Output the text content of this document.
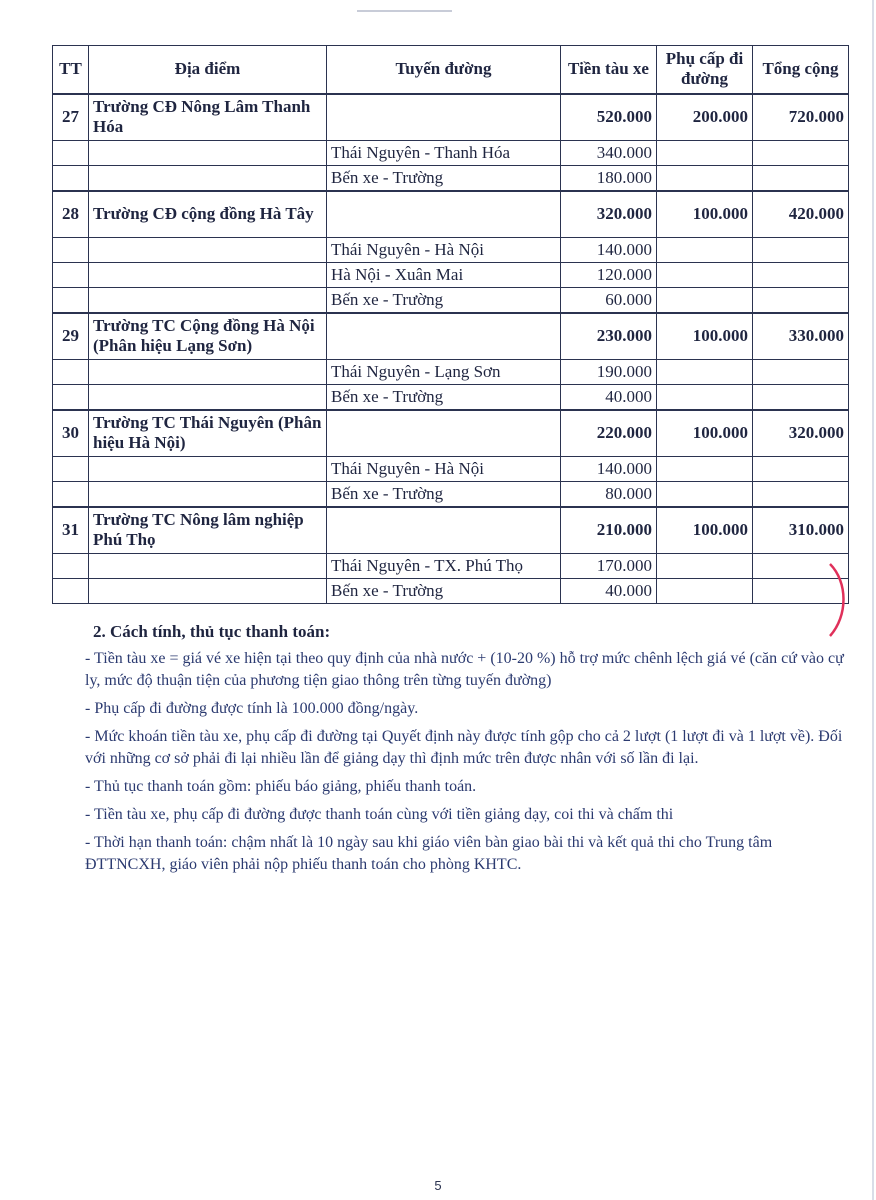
TT	Địa điểm	Tuyến đường	Tiền tàu xe	Phụ cấp đi đường	Tổng cộng
27	Trường CĐ Nông Lâm Thanh Hóa		520.000	200.000	720.000
		Thái Nguyên - Thanh Hóa	340.000		
		Bến xe - Trường	180.000		
28	Trường CĐ cộng đồng Hà Tây		320.000	100.000	420.000
		Thái Nguyên - Hà Nội	140.000		
		Hà Nội - Xuân Mai	120.000		
		Bến xe - Trường	60.000		
29	Trường TC Cộng đồng Hà Nội (Phân hiệu Lạng Sơn)		230.000	100.000	330.000
		Thái Nguyên - Lạng Sơn	190.000		
		Bến xe - Trường	40.000		
30	Trường TC Thái Nguyên (Phân hiệu Hà Nội)		220.000	100.000	320.000
		Thái Nguyên - Hà Nội	140.000		
		Bến xe - Trường	80.000		
31	Trường TC Nông lâm nghiệp Phú Thọ		210.000	100.000	310.000
		Thái Nguyên - TX. Phú Thọ	170.000		
		Bến xe - Trường	40.000		
2. Cách tính, thủ tục thanh toán:

- Tiền tàu xe = giá vé xe hiện tại theo quy định của nhà nước + (10-20 %) hỗ trợ mức chênh lệch giá vé (căn cứ vào cự ly, mức độ thuận tiện của phương tiện giao thông trên từng tuyến đường)

- Phụ cấp đi đường được tính là 100.000 đồng/ngày.

- Mức khoán tiền tàu xe, phụ cấp đi đường tại Quyết định này được tính gộp cho cả 2 lượt (1 lượt đi và 1 lượt về). Đối với những cơ sở phải đi lại nhiều lần để giảng dạy thì định mức trên được nhân với số lần đi lại.

- Thủ tục thanh toán gồm: phiếu báo giảng, phiếu thanh toán.

- Tiền tàu xe, phụ cấp đi đường được thanh toán cùng với tiền giảng dạy, coi thi và chấm thi

- Thời hạn thanh toán: chậm nhất là 10 ngày sau khi giáo viên bàn giao bài thi và kết quả thi cho Trung tâm ĐTTNCXH, giáo viên phải nộp phiếu thanh toán cho phòng KHTC.

5
